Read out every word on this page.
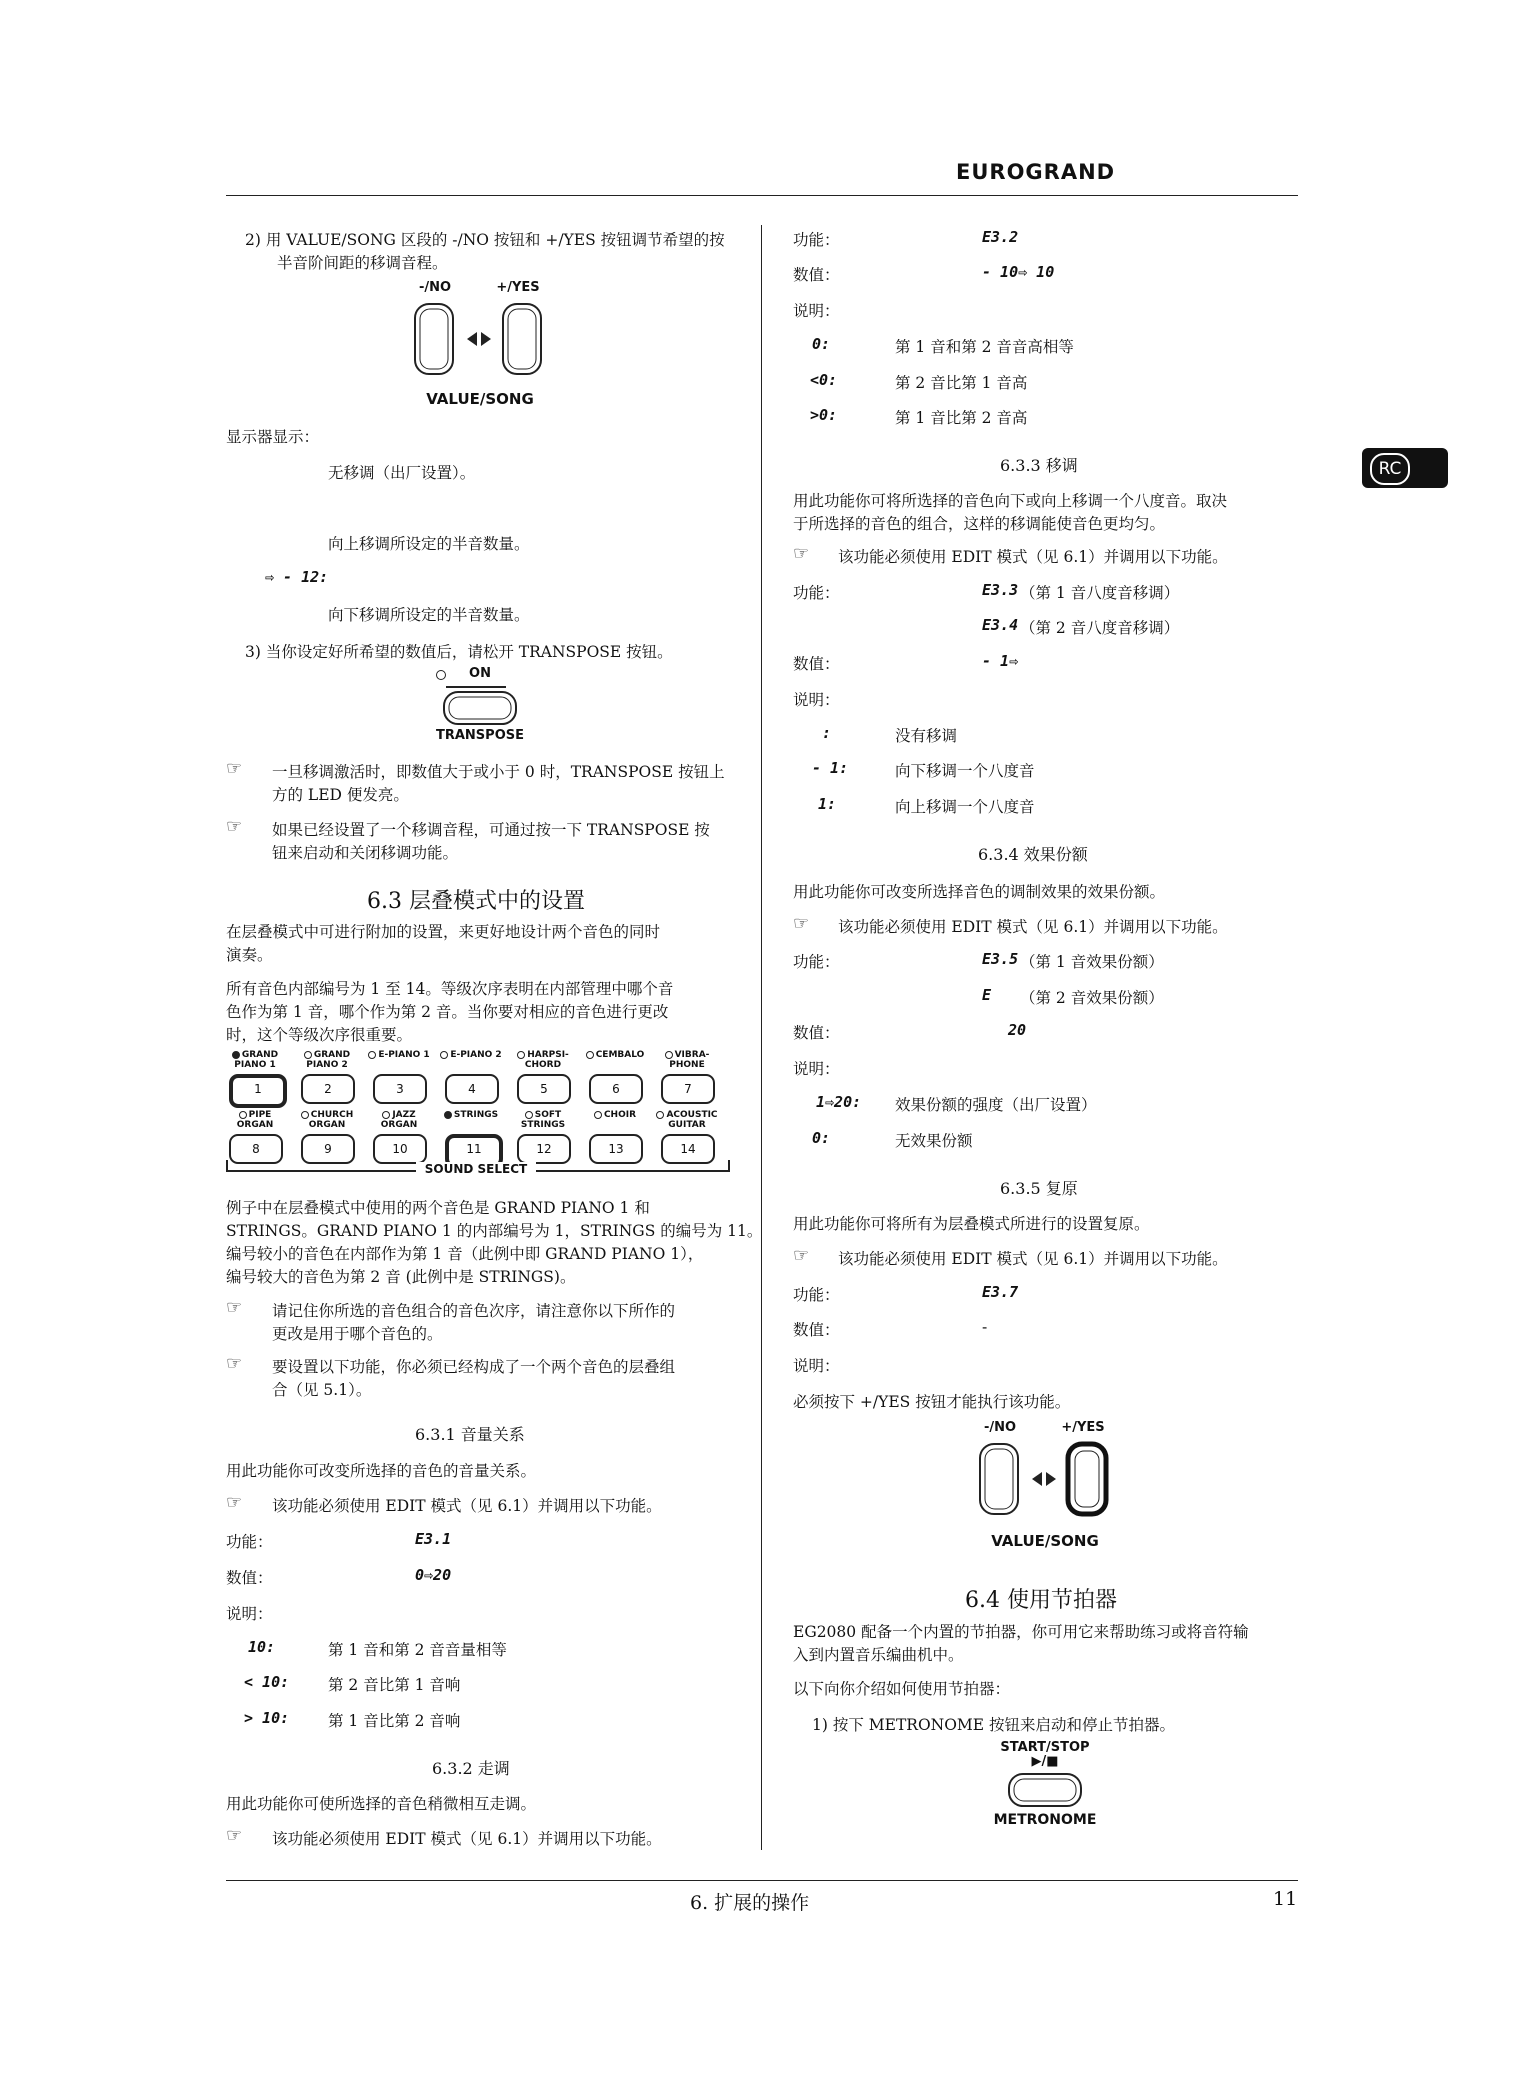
EUROGRAND
RC
2) 用 VALUE/SONG 区段的 -/NO 按钮和 +/YES 按钮调节希望的按
半音阶间距的移调音程。
-/NO	+/YES
VALUE/SONG
显示器显示：
无移调（出厂设置）。
向上移调所设定的半音数量。
⇨ - 12:
向下移调所设定的半音数量。
3) 当你设定好所希望的数值后，请松开 TRANSPOSE 按钮。
ON
TRANSPOSE
☞ 一旦移调激活时，即数值大于或小于 0 时，TRANSPOSE 按钮上
方的 LED 便发亮。
☞ 如果已经设置了一个移调音程，可通过按一下 TRANSPOSE 按
钮来启动和关闭移调功能。
6.3 层叠模式中的设置
在层叠模式中可进行附加的设置，来更好地设计两个音色的同时
演奏。
所有音色内部编号为 1 至 14。等级次序表明在内部管理中哪个音
色作为第 1 音，哪个作为第 2 音。当你要对相应的音色进行更改
时，这个等级次序很重要。
GRAND PIANO 1
1
GRAND PIANO 2
2
E-PIANO 1
3
E-PIANO 2
4
HARPSI-CHORD
5
CEMBALO
6
VIBRA-PHONE
7
PIPE ORGAN
8
CHURCH ORGAN
9
JAZZ ORGAN
10
STRINGS
11
SOFT STRINGS
12
CHOIR
13
ACOUSTIC GUITAR
14
SOUND SELECT
例子中在层叠模式中使用的两个音色是 GRAND PIANO 1 和
STRINGS。GRAND PIANO 1 的内部编号为 1，STRINGS 的编号为 11。
编号较小的音色在内部作为第 1 音（此例中即 GRAND PIANO 1），
编号较大的音色为第 2 音 (此例中是 STRINGS)。
☞ 请记住你所选的音色组合的音色次序，请注意你以下所作的
更改是用于哪个音色的。
☞ 要设置以下功能，你必须已经构成了一个两个音色的层叠组
合（见 5.1）。
6.3.1 音量关系
用此功能你可改变所选择的音色的音量关系。
☞ 该功能必须使用 EDIT 模式（见 6.1）并调用以下功能。
功能：	E3.1
数值：	0⇨20
说明：
10:	第 1 音和第 2 音音量相等
< 10:	第 2 音比第 1 音响
> 10:	第 1 音比第 2 音响
6.3.2 走调
用此功能你可使所选择的音色稍微相互走调。
☞ 该功能必须使用 EDIT 模式（见 6.1）并调用以下功能。
功能：	E3.2
数值：	- 10⇨ 10
说明：
0:	第 1 音和第 2 音音高相等
<0:	第 2 音比第 1 音高
>0:	第 1 音比第 2 音高
6.3.3 移调
用此功能你可将所选择的音色向下或向上移调一个八度音。取决
于所选择的音色的组合，这样的移调能使音色更均匀。
☞ 该功能必须使用 EDIT 模式（见 6.1）并调用以下功能。
功能：	E3.3 （第 1 音八度音移调）
E3.4 （第 2 音八度音移调）
数值：	- 1⇨
说明：
:	没有移调
- 1:	向下移调一个八度音
1:	向上移调一个八度音
6.3.4 效果份额
用此功能你可改变所选择音色的调制效果的效果份额。
☞ 该功能必须使用 EDIT 模式（见 6.1）并调用以下功能。
功能：	E3.5 （第 1 音效果份额）
E （第 2 音效果份额）
数值：	20
说明：
1⇨20: 效果份额的强度（出厂设置）
0:	无效果份额
6.3.5 复原
用此功能你可将所有为层叠模式所进行的设置复原。
☞ 该功能必须使用 EDIT 模式（见 6.1）并调用以下功能。
功能：	E3.7
数值：	-
说明：
必须按下 +/YES 按钮才能执行该功能。
-/NO	+/YES
VALUE/SONG
6.4 使用节拍器
EG2080 配备一个内置的节拍器，你可用它来帮助练习或将音符输
入到内置音乐编曲机中。
以下向你介绍如何使用节拍器：
1) 按下 METRONOME 按钮来启动和停止节拍器。
START/STOP
▶/■
METRONOME
6. 扩展的操作	11
